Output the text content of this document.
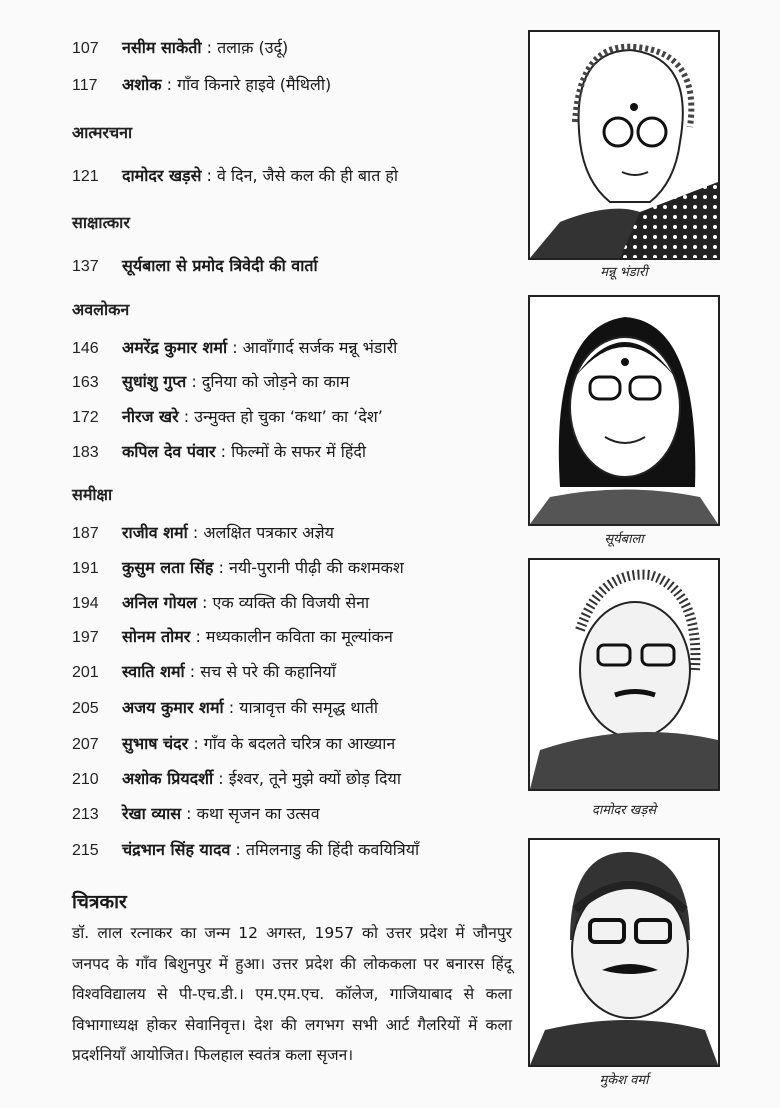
107 नसीम साकेती : तलाक़ (उर्दू)
117 अशोक : गाँव किनारे हाइवे (मैथिली)
आत्मरचना
121 दामोदर खड़से : वे दिन, जैसे कल की ही बात हो
साक्षात्कार
137 सूर्यबाला से प्रमोद त्रिवेदी की वार्ता
अवलोकन
146 अमरेंद्र कुमार शर्मा : आवाँगार्द सर्जक मन्नू भंडारी
163 सुधांशु गुप्त : दुनिया को जोड़ने का काम
172 नीरज खरे : उन्मुक्त हो चुका ‘कथा’ का ‘देश’
183 कपिल देव पंवार : फिल्मों के सफर में हिंदी
समीक्षा
187 राजीव शर्मा : अलक्षित पत्रकार अज्ञेय
191 कुसुम लता सिंह : नयी-पुरानी पीढ़ी की कशमकश
194 अनिल गोयल : एक व्यक्ति की विजयी सेना
197 सोनम तोमर : मध्यकालीन कविता का मूल्यांकन
201 स्वाति शर्मा : सच से परे की कहानियाँ
205 अजय कुमार शर्मा : यात्रावृत्त की समृद्ध थाती
207 सुभाष चंदर : गाँव के बदलते चरित्र का आख्यान
210 अशोक प्रियदर्शी : ईश्वर, तूने मुझे क्यों छोड़ दिया
213 रेखा व्यास : कथा सृजन का उत्सव
215 चंद्रभान सिंह यादव : तमिलनाडु की हिंदी कवयित्रियाँ
चित्रकार
डॉ. लाल रत्नाकर का जन्म 12 अगस्त, 1957 को उत्तर प्रदेश में जौनपुर जनपद के गाँव बिशुनपुर में हुआ। उत्तर प्रदेश की लोककला पर बनारस हिंदू विश्वविद्यालय से पी-एच.डी.। एम.एम.एच. कॉलेज, गाजियाबाद से कला विभागाध्यक्ष होकर सेवानिवृत्त। देश की लगभग सभी आर्ट गैलरियों में कला प्रदर्शनियाँ आयोजित। फिलहाल स्वतंत्र कला सृजन।
मन्नू भंडारी
सूर्यबाला
दामोदर खड़से
मुकेश वर्मा
